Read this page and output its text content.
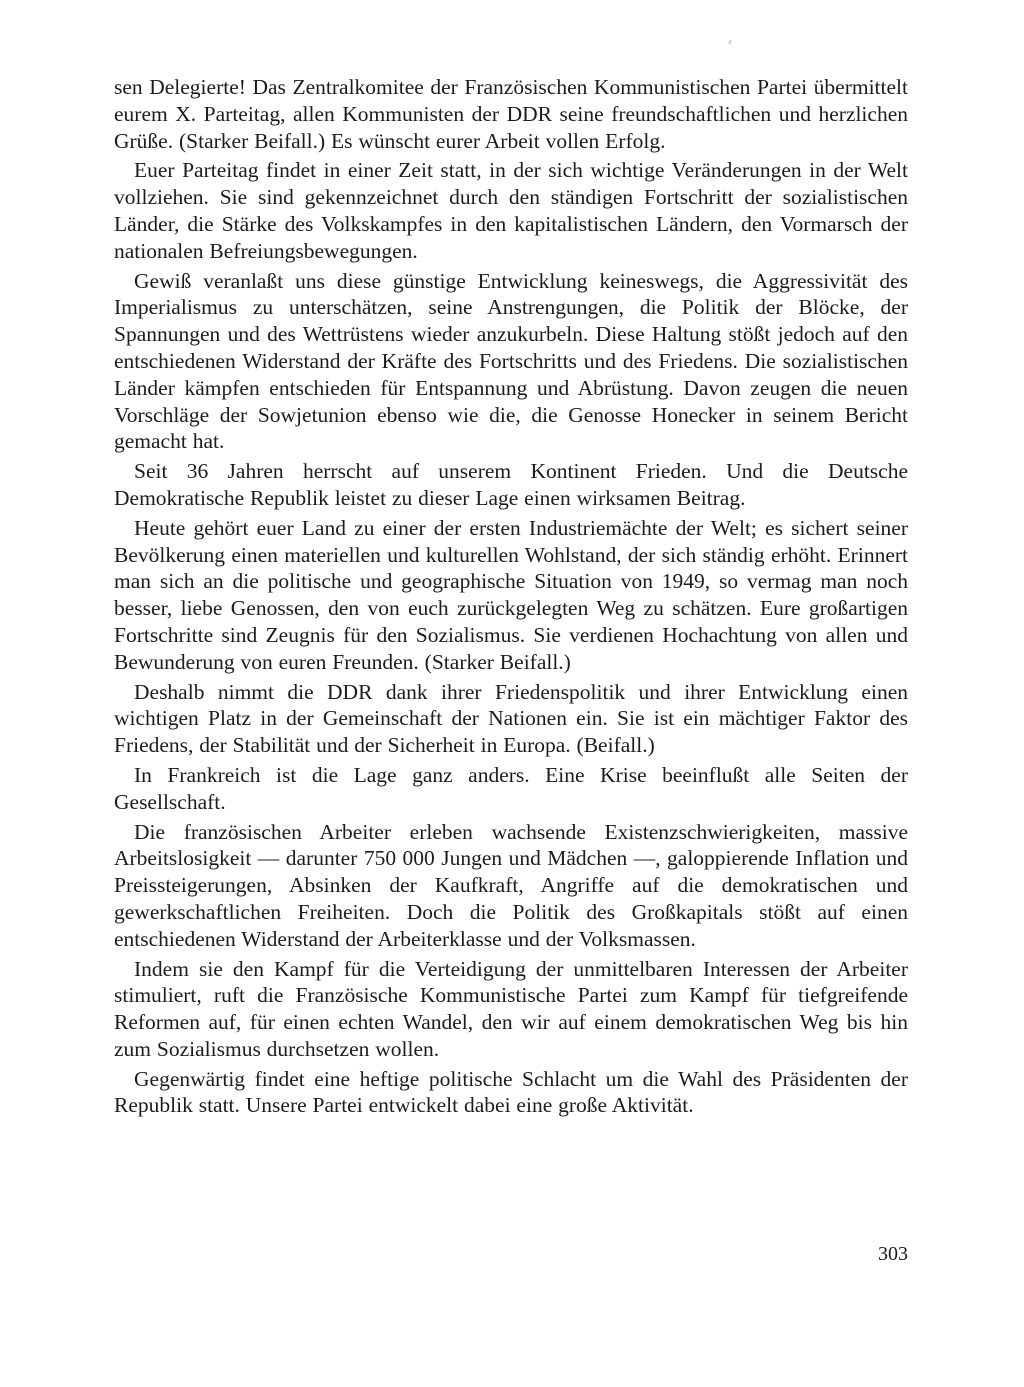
sen Delegierte! Das Zentralkomitee der Französischen Kommunistischen Partei übermittelt eurem X. Parteitag, allen Kommunisten der DDR seine freundschaftlichen und herzlichen Grüße. (Starker Beifall.) Es wünscht eurer Arbeit vollen Erfolg.

Euer Parteitag findet in einer Zeit statt, in der sich wichtige Veränderungen in der Welt vollziehen. Sie sind gekennzeichnet durch den ständigen Fortschritt der sozialistischen Länder, die Stärke des Volkskampfes in den kapitalistischen Ländern, den Vormarsch der nationalen Befreiungsbewegungen.

Gewiß veranlaßt uns diese günstige Entwicklung keineswegs, die Aggressivität des Imperialismus zu unterschätzen, seine Anstrengungen, die Politik der Blöcke, der Spannungen und des Wettrüstens wieder anzukurbeln. Diese Haltung stößt jedoch auf den entschiedenen Widerstand der Kräfte des Fortschritts und des Friedens. Die sozialistischen Länder kämpfen entschieden für Entspannung und Abrüstung. Davon zeugen die neuen Vorschläge der Sowjetunion ebenso wie die, die Genosse Honecker in seinem Bericht gemacht hat.

Seit 36 Jahren herrscht auf unserem Kontinent Frieden. Und die Deutsche Demokratische Republik leistet zu dieser Lage einen wirksamen Beitrag.

Heute gehört euer Land zu einer der ersten Industriemächte der Welt; es sichert seiner Bevölkerung einen materiellen und kulturellen Wohlstand, der sich ständig erhöht. Erinnert man sich an die politische und geographische Situation von 1949, so vermag man noch besser, liebe Genossen, den von euch zurückgelegten Weg zu schätzen. Eure großartigen Fortschritte sind Zeugnis für den Sozialismus. Sie verdienen Hochachtung von allen und Bewunderung von euren Freunden. (Starker Beifall.)

Deshalb nimmt die DDR dank ihrer Friedenspolitik und ihrer Entwicklung einen wichtigen Platz in der Gemeinschaft der Nationen ein. Sie ist ein mächtiger Faktor des Friedens, der Stabilität und der Sicherheit in Europa. (Beifall.)

In Frankreich ist die Lage ganz anders. Eine Krise beeinflußt alle Seiten der Gesellschaft.

Die französischen Arbeiter erleben wachsende Existenzschwierigkeiten, massive Arbeitslosigkeit — darunter 750 000 Jungen und Mädchen —, galoppierende Inflation und Preissteigerungen, Absinken der Kaufkraft, Angriffe auf die demokratischen und gewerkschaftlichen Freiheiten. Doch die Politik des Großkapitals stößt auf einen entschiedenen Widerstand der Arbeiterklasse und der Volksmassen.

Indem sie den Kampf für die Verteidigung der unmittelbaren Interessen der Arbeiter stimuliert, ruft die Französische Kommunistische Partei zum Kampf für tiefgreifende Reformen auf, für einen echten Wandel, den wir auf einem demokratischen Weg bis hin zum Sozialismus durchsetzen wollen.

Gegenwärtig findet eine heftige politische Schlacht um die Wahl des Präsidenten der Republik statt. Unsere Partei entwickelt dabei eine große Aktivität.

303
